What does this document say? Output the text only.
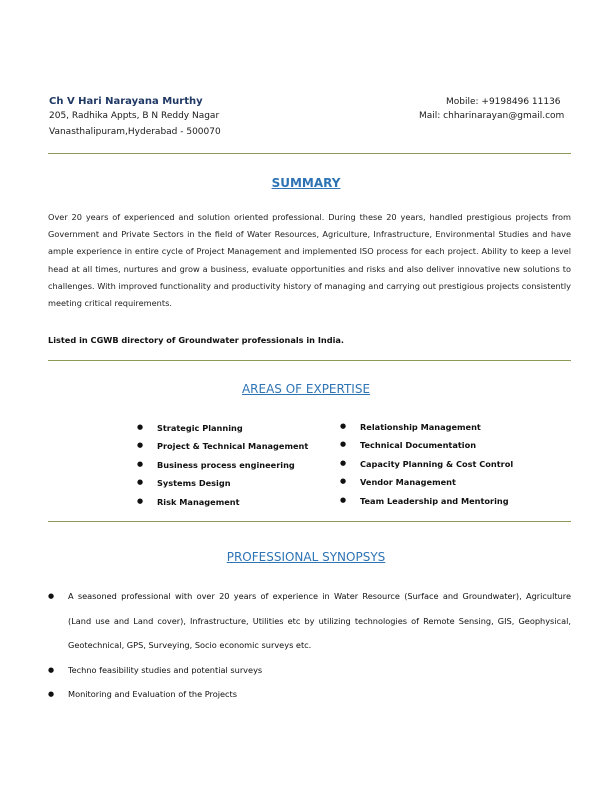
Ch V Hari Narayana Murthy
205, Radhika Appts, B N Reddy Nagar
Vanasthalipuram,Hyderabad - 500070
Mobile: +9198496 11136
Mail: chharinarayan@gmail.com
SUMMARY
Over 20 years of experienced and solution oriented professional. During these 20 years, handled prestigious projects from Government and Private Sectors in the field of Water Resources, Agriculture, Infrastructure, Environmental Studies and have ample experience in entire cycle of Project Management and implemented ISO process for each project. Ability to keep a level head at all times, nurtures and grow a business, evaluate opportunities and risks and also deliver innovative new solutions to challenges. With improved functionality and productivity history of managing and carrying out prestigious projects consistently meeting critical requirements.
Listed in CGWB directory of Groundwater professionals in India.
AREAS OF EXPERTISE
● Strategic Planning
● Project & Technical Management
● Business process engineering
● Systems Design
● Risk Management
● Relationship Management
● Technical Documentation
● Capacity Planning & Cost Control
● Vendor Management
● Team Leadership and Mentoring
PROFESSIONAL SYNOPSYS
● A seasoned professional with over 20 years of experience in Water Resource (Surface and Groundwater), Agriculture (Land use and Land cover), Infrastructure, Utilities etc by utilizing technologies of Remote Sensing, GIS, Geophysical, Geotechnical, GPS, Surveying, Socio economic surveys etc.
● Techno feasibility studies and potential surveys
● Monitoring and Evaluation of the Projects
